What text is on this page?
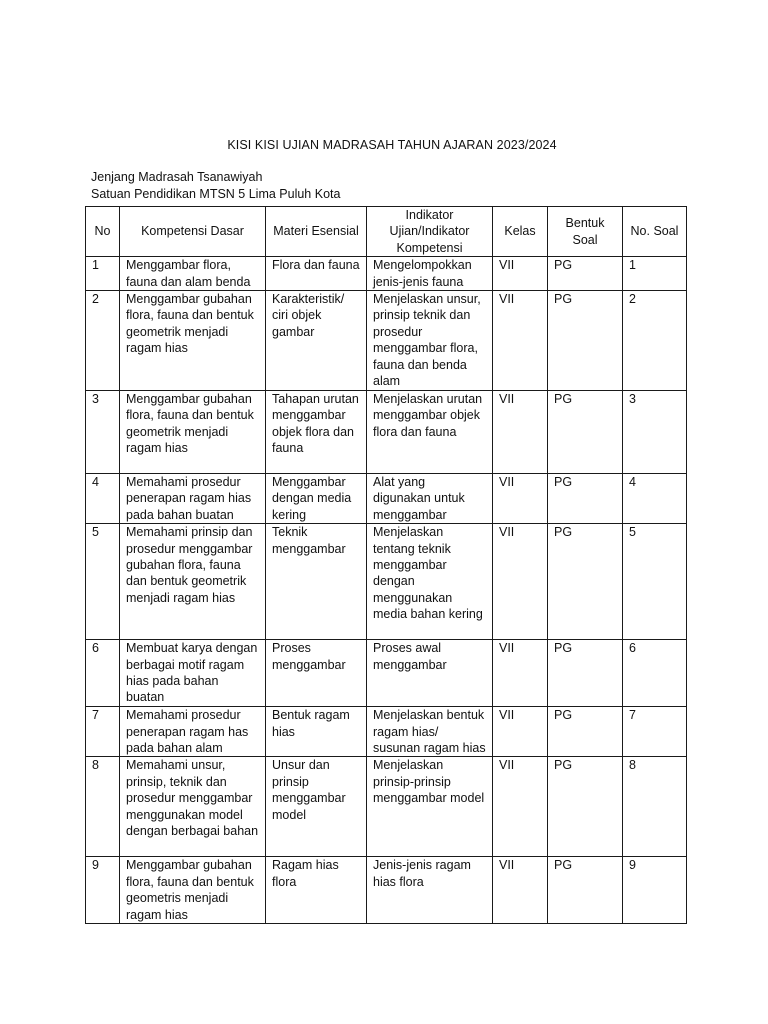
KISI KISI UJIAN MADRASAH TAHUN AJARAN 2023/2024
Jenjang Madrasah Tsanawiyah
Satuan Pendidikan MTSN 5 Lima Puluh Kota
No	Kompetensi Dasar	Materi Esensial	Indikator Ujian/Indikator Kompetensi	Kelas	Bentuk Soal	No. Soal
1	Menggambar flora, fauna dan alam benda	Flora dan fauna	Mengelompokkan jenis-jenis fauna	VII	PG	1
2	Menggambar gubahan flora, fauna dan bentuk geometrik menjadi ragam hias	Karakteristik/ ciri objek gambar	Menjelaskan unsur, prinsip teknik dan prosedur menggambar flora, fauna dan benda alam	VII	PG	2
3	Menggambar gubahan flora, fauna dan bentuk geometrik menjadi ragam hias	Tahapan urutan menggambar objek flora dan fauna	Menjelaskan urutan menggambar objek flora dan fauna	VII	PG	3
4	Memahami prosedur penerapan ragam hias pada bahan buatan	Menggambar dengan media kering	Alat yang digunakan untuk menggambar	VII	PG	4
5	Memahami prinsip dan prosedur menggambar gubahan flora, fauna dan bentuk geometrik menjadi ragam hias	Teknik menggambar	Menjelaskan tentang teknik menggambar dengan menggunakan media bahan kering	VII	PG	5
6	Membuat karya dengan berbagai motif ragam hias pada bahan buatan	Proses menggambar	Proses awal menggambar	VII	PG	6
7	Memahami prosedur penerapan ragam has pada bahan alam	Bentuk ragam hias	Menjelaskan bentuk ragam hias/ susunan ragam hias	VII	PG	7
8	Memahami unsur, prinsip, teknik dan prosedur menggambar menggunakan model dengan berbagai bahan	Unsur dan prinsip menggambar model	Menjelaskan prinsip-prinsip menggambar model	VII	PG	8
9	Menggambar gubahan flora, fauna dan bentuk geometris menjadi ragam hias	Ragam hias flora	Jenis-jenis ragam hias flora	VII	PG	9
